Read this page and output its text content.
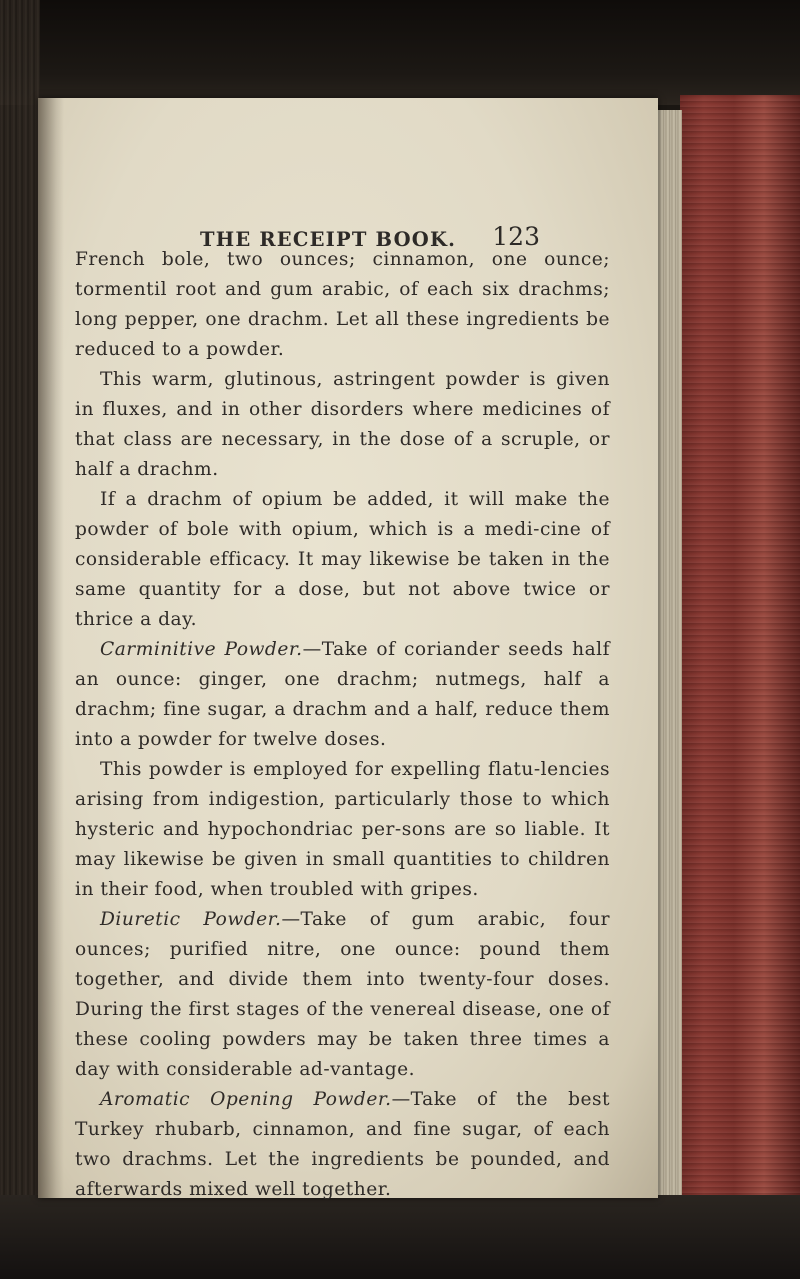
THE RECEIPT BOOK. 123

French bole, two ounces; cinnamon, one ounce; tormentil root and gum arabic, of each six drachms; long pepper, one drachm. Let all these ingredients be reduced to a powder.

This warm, glutinous, astringent powder is given in fluxes, and in other disorders where medicines of that class are necessary, in the dose of a scruple, or half a drachm.

If a drachm of opium be added, it will make the powder of bole with opium, which is a medi-cine of considerable efficacy. It may likewise be taken in the same quantity for a dose, but not above twice or thrice a day.

Carminitive Powder.—Take of coriander seeds half an ounce: ginger, one drachm; nutmegs, half a drachm; fine sugar, a drachm and a half, reduce them into a powder for twelve doses.

This powder is employed for expelling flatu-lencies arising from indigestion, particularly those to which hysteric and hypochondriac per-sons are so liable. It may likewise be given in small quantities to children in their food, when troubled with gripes.

Diuretic Powder.—Take of gum arabic, four ounces; purified nitre, one ounce: pound them together, and divide them into twenty-four doses. During the first stages of the venereal disease, one of these cooling powders may be taken three times a day with considerable ad-vantage.

Aromatic Opening Powder.—Take of the best Turkey rhubarb, cinnamon, and fine sugar, of each two drachms. Let the ingredients be pounded, and afterwards mixed well together.
